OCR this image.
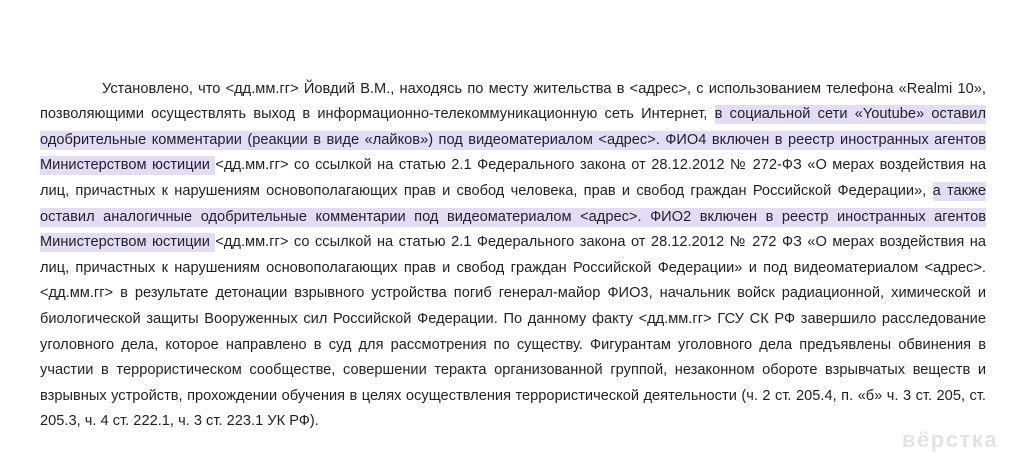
Установлено, что <дд.мм.гг> Йовдий В.М., находясь по месту жительства в <адрес>, с использованием телефона «Realmi 10», позволяющими осуществлять выход в информационно-телекоммуникационную сеть Интернет, в социальной сети «Youtube» оставил одобрительные комментарии (реакции в виде «лайков») под видеоматериалом <адрес>. ФИО4 включен в реестр иностранных агентов Министерством юстиции <дд.мм.гг> со ссылкой на статью 2.1 Федерального закона от 28.12.2012 № 272-ФЗ «О мерах воздействия на лиц, причастных к нарушениям основополагающих прав и свобод человека, прав и свобод граждан Российской Федерации», а также оставил аналогичные одобрительные комментарии под видеоматериалом <адрес>. ФИО2 включен в реестр иностранных агентов Министерством юстиции <дд.мм.гг> со ссылкой на статью 2.1 Федерального закона от 28.12.2012 № 272 ФЗ «О мерах воздействия на лиц, причастных к нарушениям основополагающих прав и свобод граждан Российской Федерации» и под видеоматериалом <адрес>. <дд.мм.гг> в результате детонации взрывного устройства погиб генерал-майор ФИО3, начальник войск радиационной, химической и биологической защиты Вооруженных сил Российской Федерации. По данному факту <дд.мм.гг> ГСУ СК РФ завершило расследование уголовного дела, которое направлено в суд для рассмотрения по существу. Фигурантам уголовного дела предъявлены обвинения в участии в террористическом сообществе, совершении теракта организованной группой, незаконном обороте взрывчатых веществ и взрывных устройств, прохождении обучения в целях осуществления террористической деятельности (ч. 2 ст. 205.4, п. «б» ч. 3 ст. 205, ст. 205.3, ч. 4 ст. 222.1, ч. 3 ст. 223.1 УК РФ).

вёрстка
